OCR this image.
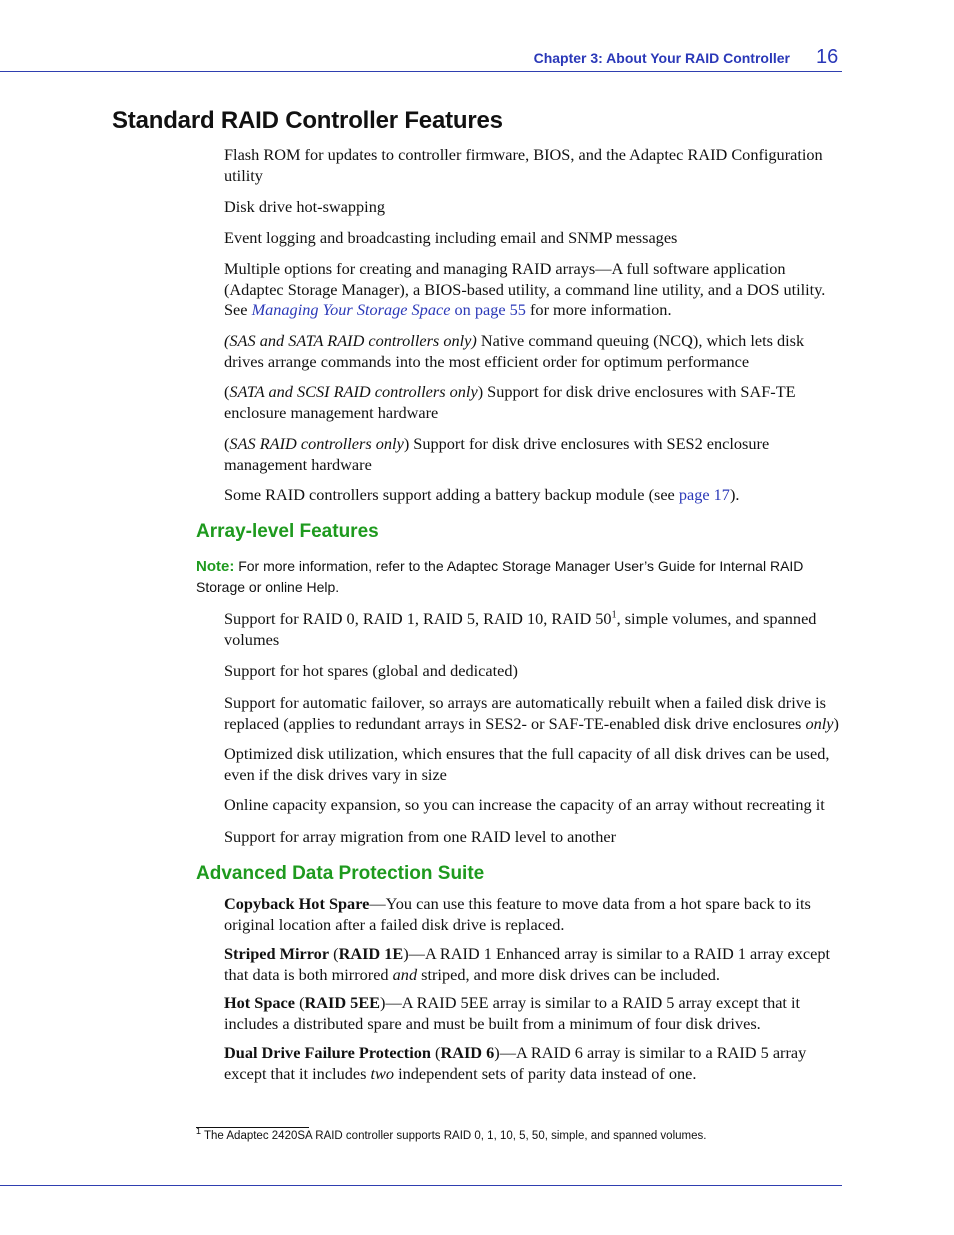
Chapter 3: About Your RAID Controller 16
Standard RAID Controller Features

Flash ROM for updates to controller firmware, BIOS, and the Adaptec RAID Configuration utility

Disk drive hot-swapping

Event logging and broadcasting including email and SNMP messages

Multiple options for creating and managing RAID arrays—A full software application (Adaptec Storage Manager), a BIOS-based utility, a command line utility, and a DOS utility. See Managing Your Storage Space on page 55 for more information.

(SAS and SATA RAID controllers only) Native command queuing (NCQ), which lets disk drives arrange commands into the most efficient order for optimum performance

(SATA and SCSI RAID controllers only) Support for disk drive enclosures with SAF-TE enclosure management hardware

(SAS RAID controllers only) Support for disk drive enclosures with SES2 enclosure management hardware

Some RAID controllers support adding a battery backup module (see page 17).

Array-level Features

Note: For more information, refer to the Adaptec Storage Manager User’s Guide for Internal RAID Storage or online Help.

Support for RAID 0, RAID 1, RAID 5, RAID 10, RAID $50^1$, simple volumes, and spanned volumes

Support for hot spares (global and dedicated)

Support for automatic failover, so arrays are automatically rebuilt when a failed disk drive is replaced (applies to redundant arrays in SES2- or SAF-TE-enabled disk drive enclosures only)

Optimized disk utilization, which ensures that the full capacity of all disk drives can be used, even if the disk drives vary in size

Online capacity expansion, so you can increase the capacity of an array without recreating it

Support for array migration from one RAID level to another

Advanced Data Protection Suite

Copyback Hot Spare—You can use this feature to move data from a hot spare back to its original location after a failed disk drive is replaced.

Striped Mirror (RAID 1E)—A RAID 1 Enhanced array is similar to a RAID 1 array except that data is both mirrored and striped, and more disk drives can be included.

Hot Space (RAID 5EE)—A RAID 5EE array is similar to a RAID 5 array except that it includes a distributed spare and must be built from a minimum of four disk drives.

Dual Drive Failure Protection (RAID 6)—A RAID 6 array is similar to a RAID 5 array except that it includes two independent sets of parity data instead of one.

$^1$ The Adaptec 2420SA RAID controller supports RAID 0, 1, 10, 5, 50, simple, and spanned volumes.
